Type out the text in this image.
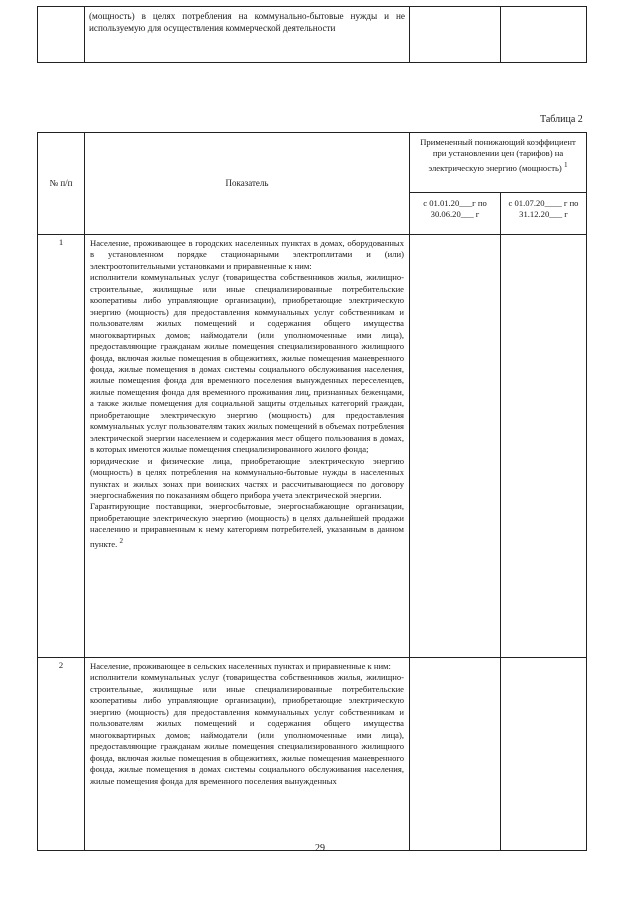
	(мощность) в целях потребления на коммунально-бытовые нужды и не используемую для осуществления коммерческой деятельности		
Таблица 2
№ п/п	Показатель	Примененный понижающий коэффициент при установлении цен (тарифов) на электрическую энергию (мощность) $^1$
		с 01.01.20___г по 30.06.20___ г	с 01.07.20____ г по 31.12.20___ г
1	Население, проживающее в городских населенных пунктах в домах, оборудованных в установленном порядке стационарными электроплитами и (или) электроотопительными установками и приравненные к ним:
исполнители коммунальных услуг (товарищества собственников жилья, жилищно-строительные, жилищные или иные специализированные потребительские кооперативы либо управляющие организации), приобретающие электрическую энергию (мощность) для предоставления коммунальных услуг собственникам и пользователям жилых помещений и содержания общего имущества многоквартирных домов; наймодатели (или уполномоченные ими лица), предоставляющие гражданам жилые помещения специализированного жилищного фонда, включая жилые помещения в общежитиях, жилые помещения маневренного фонда, жилые помещения в домах системы социального обслуживания населения, жилые помещения фонда для временного поселения вынужденных переселенцев, жилые помещения фонда для временного проживания лиц, признанных беженцами, а также жилые помещения для социальной защиты отдельных категорий граждан, приобретающие электрическую энергию (мощность) для предоставления коммунальных услуг пользователям таких жилых помещений в объемах потребления электрической энергии населением и содержания мест общего пользования в домах, в которых имеются жилые помещения специализированного жилого фонда;
юридические и физические лица, приобретающие электрическую энергию (мощность) в целях потребления на коммунально-бытовые нужды в населенных пунктах и жилых зонах при воинских частях и рассчитывающиеся по договору энергоснабжения по показаниям общего прибора учета электрической энергии.
Гарантирующие поставщики, энергосбытовые, энергоснабжающие организации, приобретающие электрическую энергию (мощность) в целях дальнейшей продажи населению и приравненным к нему категориям потребителей, указанным в данном пункте. $^2$		
2	Население, проживающее в сельских населенных пунктах и приравненные к ним:
исполнители коммунальных услуг (товарищества собственников жилья, жилищно-строительные, жилищные или иные специализированные потребительские кооперативы либо управляющие организации), приобретающие электрическую энергию (мощность) для предоставления коммунальных услуг собственникам и пользователям жилых помещений и содержания общего имущества многоквартирных домов; наймодатели (или уполномоченные ими лица), предоставляющие гражданам жилые помещения специализированного жилищного фонда, включая жилые помещения в общежитиях, жилые помещения маневренного фонда, жилые помещения в домах системы социального обслуживания населения, жилые помещения фонда для временного поселения вынужденных		
29
